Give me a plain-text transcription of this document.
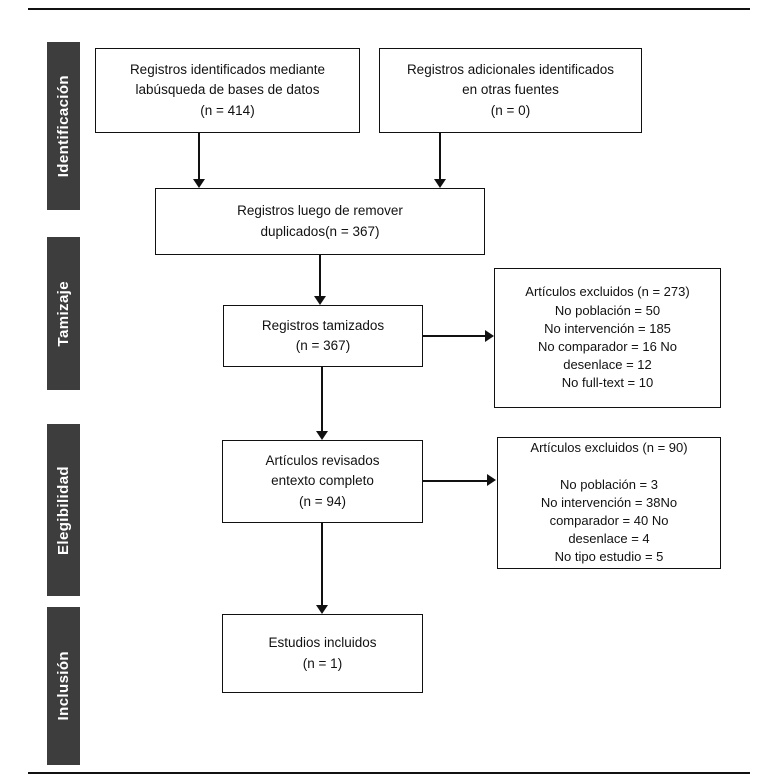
Identificación
Tamizaje
Elegibilidad
Inclusión
Registros identificados mediante
labúsqueda de bases de datos
(n = 414)
Registros adicionales identificados
en otras fuentes
(n = 0)
Registros luego de remover
duplicados(n = 367)
Registros tamizados
(n = 367)
Artículos excluidos (n = 273)
No población = 50
No intervención = 185
No comparador = 16 No
desenlace = 12
No full-text = 10
Artículos revisados
entexto completo
(n = 94)
Artículos excluidos (n = 90)
No población = 3
No intervención = 38No
comparador = 40 No
desenlace = 4
No tipo estudio = 5
Estudios incluidos
(n = 1)
